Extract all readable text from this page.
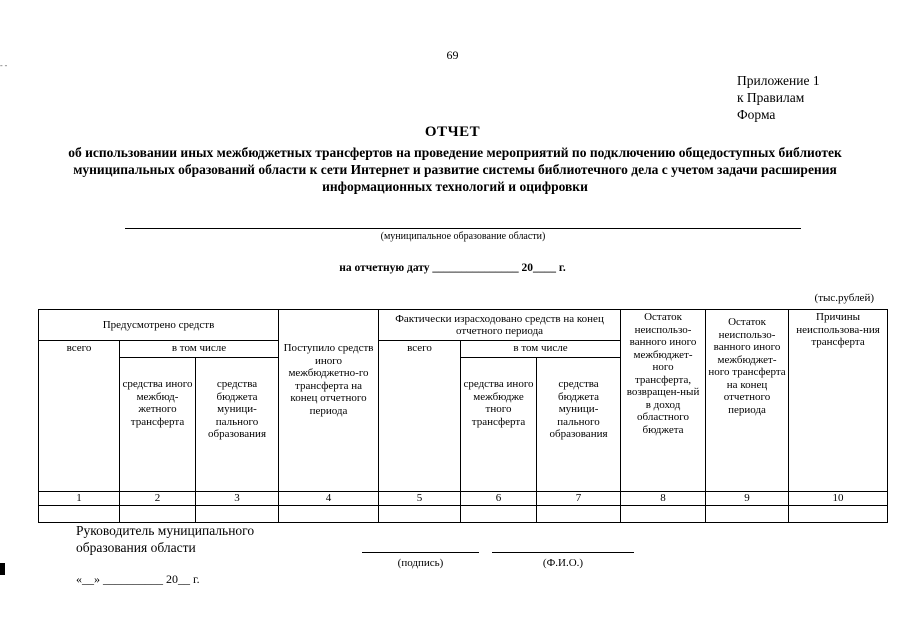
69
Приложение 1
к Правилам
Форма
ОТЧЕТ
об использовании иных межбюджетных трансфертов на проведение мероприятий по подключению общедоступных библиотек муниципальных образований области к сети Интернет и развитие системы библиотечного дела с учетом задачи расширения информационных технологий и оцифровки
(муниципальное образование области)
на отчетную дату _______________ 20____ г.
(тыс.рублей)
Предусмотрено средств			Поступило средств иного межбюджетно-го трансферта на конец отчетного периода	Фактически израсходовано средств на конец отчетного периода			Остаток неиспользо-ванного иного межбюджет-ного трансферта, возвращен-ный в доход областного бюджета	Остаток неиспользо-ванного иного межбюджет-ного трансферта на конец отчетного периода	Причины неиспользова-ния трансферта
всего	в том числе			всего	в том числе				
	средства иного межбюд-жетного трансферта	средства бюджета муници-пального образования			средства иного межбюдже тного трансферта	средства бюджета муници-пального образования			
1	2	3	4	5	6	7	8	9	10

Руководитель муниципального
образования области
(подпись)	(Ф.И.О.)
«__» __________ 20__ г.
- -
